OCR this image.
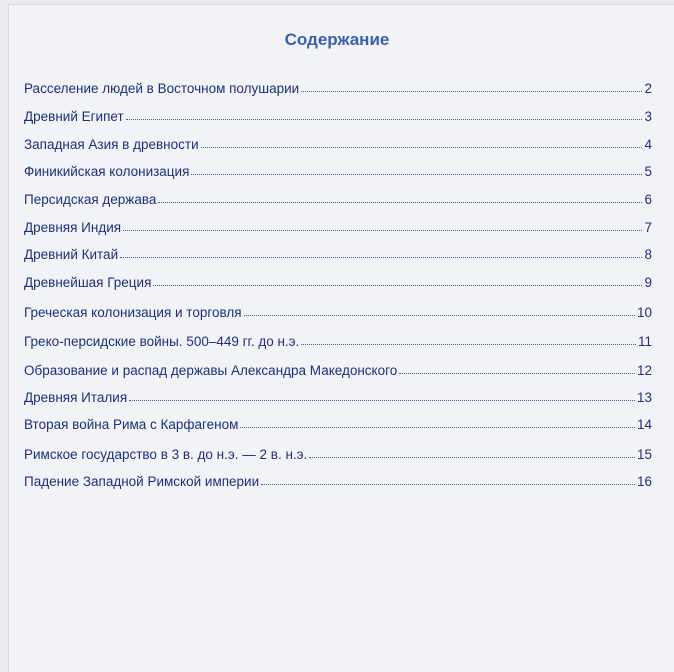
Содержание
Расселение людей в Восточном полушарии	2
Древний Египет	3
Западная Азия в древности	4
Финикийская колонизация	5
Персидская держава	6
Древняя Индия	7
Древний Китай	8
Древнейшая Греция	9
Греческая колонизация и торговля	10
Греко-персидские войны. 500–449 гг. до н.э.	11
Образование и распад державы Александра Македонского	12
Древняя Италия	13
Вторая война Рима с Карфагеном	14
Римское государство в 3 в. до н.э. — 2 в. н.э.	15
Падение Западной Римской империи	16
